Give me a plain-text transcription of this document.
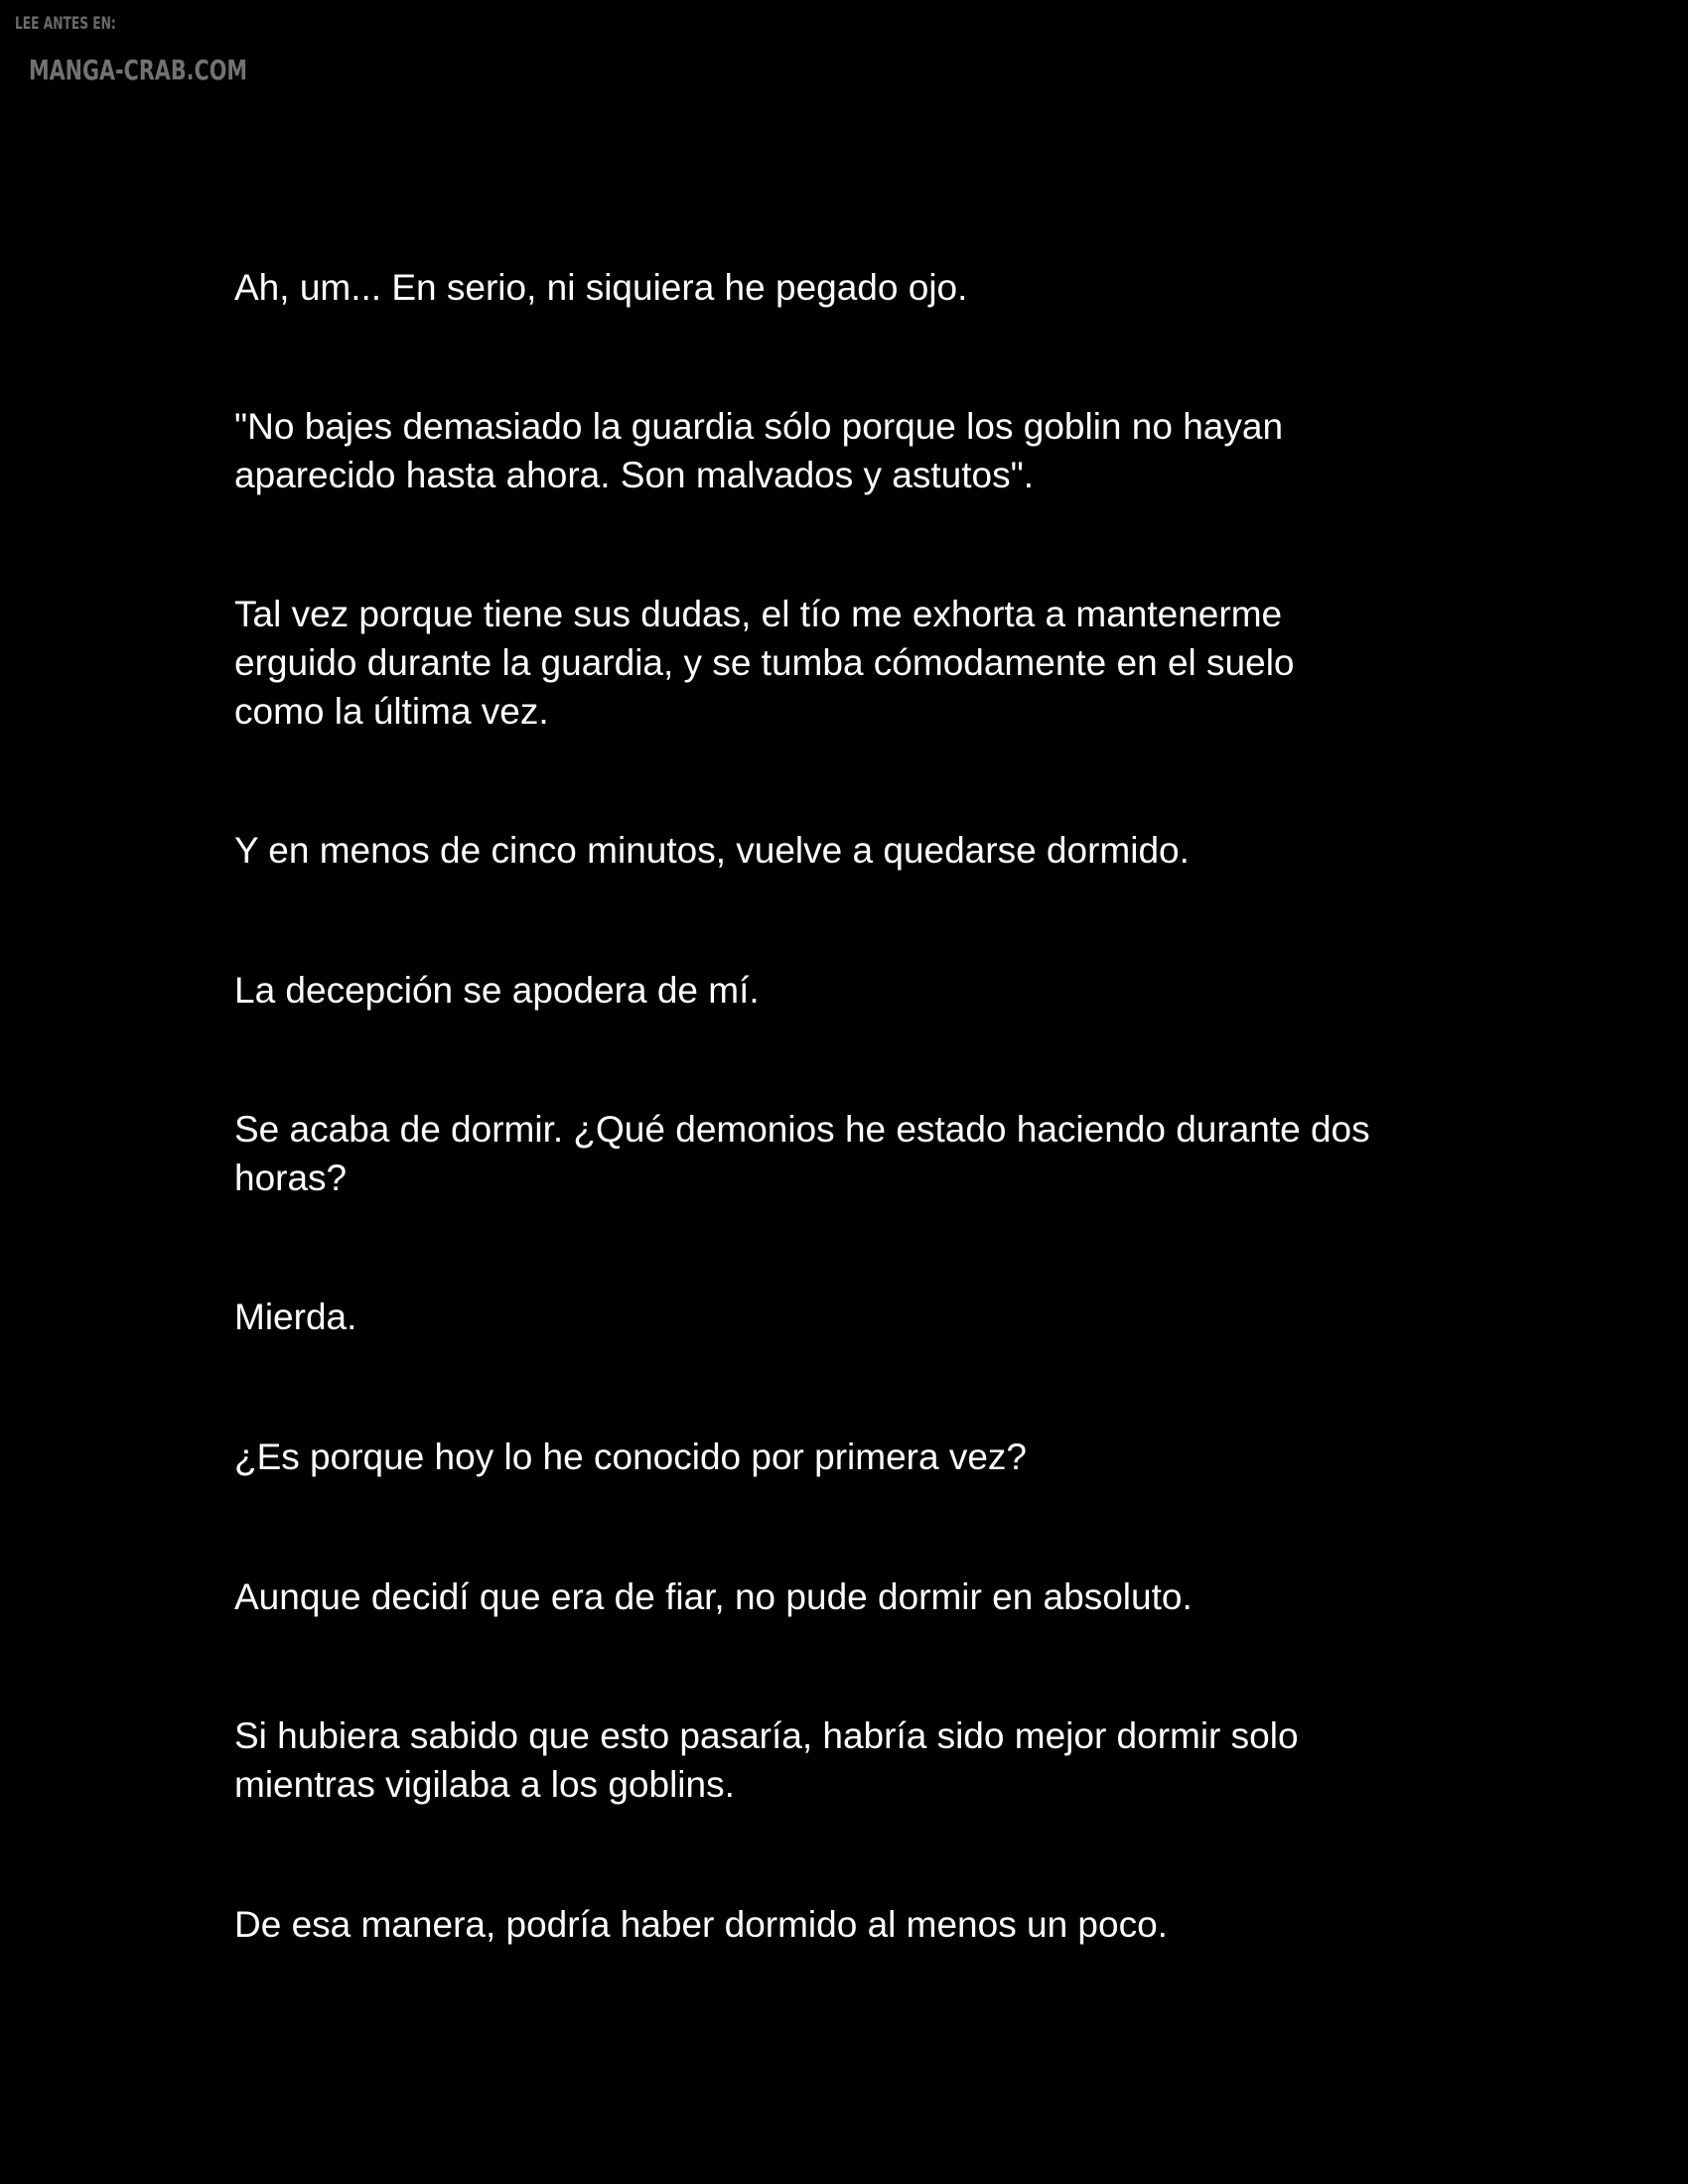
LEE ANTES EN:
MANGA-CRAB.COM

Ah, um... En serio, ni siquiera he pegado ojo.

"No bajes demasiado la guardia sólo porque los goblin no hayan
aparecido hasta ahora. Son malvados y astutos".

Tal vez porque tiene sus dudas, el tío me exhorta a mantenerme
erguido durante la guardia, y se tumba cómodamente en el suelo
como la última vez.

Y en menos de cinco minutos, vuelve a quedarse dormido.

La decepción se apodera de mí.

Se acaba de dormir. ¿Qué demonios he estado haciendo durante dos
horas?

Mierda.

¿Es porque hoy lo he conocido por primera vez?

Aunque decidí que era de fiar, no pude dormir en absoluto.

Si hubiera sabido que esto pasaría, habría sido mejor dormir solo
mientras vigilaba a los goblins.

De esa manera, podría haber dormido al menos un poco.
